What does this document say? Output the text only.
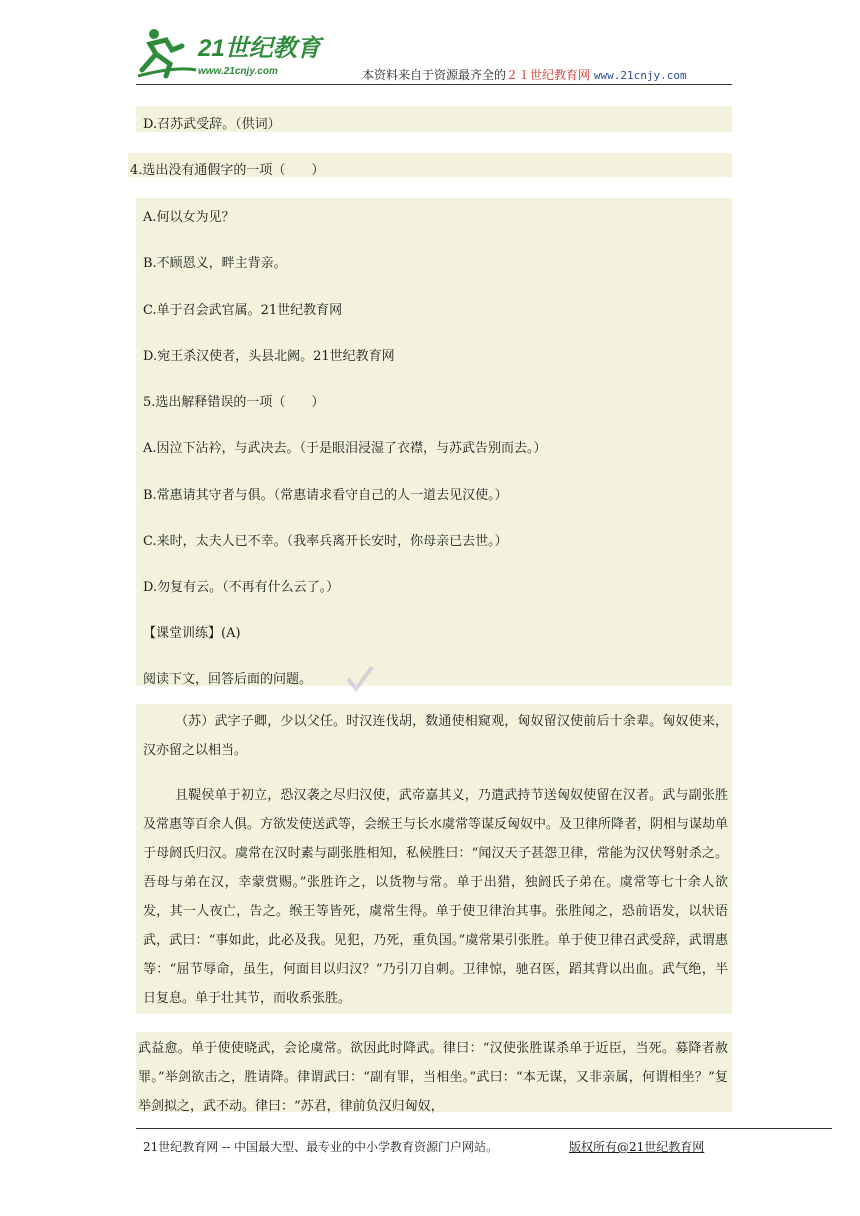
21世纪教育
www.21cnjy.com	本资料来自于资源最齐全的２１世纪教育网 www.21cnjy.com
D.召苏武受辞。（供词）
4.选出没有通假字的一项（　　）
A.何以女为见？
B.不顾恩义，畔主背亲。
C.单于召会武官属。21世纪教育网
D.宛王杀汉使者，头县北阙。21世纪教育网
5.选出解释错误的一项（　　）
A.因泣下沾衿，与武决去。（于是眼泪浸湿了衣襟，与苏武告别而去。）
B.常惠请其守者与俱。（常惠请求看守自己的人一道去见汉使。）
C.来时，太夫人已不幸。（我率兵离开长安时，你母亲已去世。）
D.勿复有云。（不再有什么云了。）
【课堂训练】(A)
阅读下文，回答后面的问题。
（苏）武字子卿，少以父任。时汉连伐胡，数通使相窥观，匈奴留汉使前后十余辈。匈奴使来，汉亦留之以相当。
且鞮侯单于初立，恐汉袭之尽归汉使，武帝嘉其义，乃遣武持节送匈奴使留在汉者。武与副张胜及常惠等百余人俱。方欲发使送武等，会缑王与长水虞常等谋反匈奴中。及卫律所降者，阴相与谋劫单于母阏氏归汉。虞常在汉时素与副张胜相知，私候胜曰：“闻汉天子甚怨卫律，常能为汉伏弩射杀之。吾母与弟在汉，幸蒙赏赐。”张胜许之，以货物与常。单于出猎，独阏氏子弟在。虞常等七十余人欲发，其一人夜亡，告之。缑王等皆死，虞常生得。单于使卫律治其事。张胜闻之，恐前语发，以状语武，武曰：“事如此，此必及我。见犯，乃死，重负国。”虞常果引张胜。单于使卫律召武受辞，武谓惠等：“屈节辱命，虽生，何面目以归汉？”乃引刀自刺。卫律惊，驰召医，蹈其背以出血。武气绝，半日复息。单于壮其节，而收系张胜。
武益愈。单于使使晓武，会论虞常。欲因此时降武。律曰：“汉使张胜谋杀单于近臣，当死。募降者赦罪。”举剑欲击之，胜请降。律谓武曰：“副有罪，当相坐。”武曰：“本无谋，又非亲属，何谓相坐？”复举剑拟之，武不动。律曰：“苏君，律前负汉归匈奴，
21世纪教育网 -- 中国最大型、最专业的中小学教育资源门户网站。	版权所有@21世纪教育网
